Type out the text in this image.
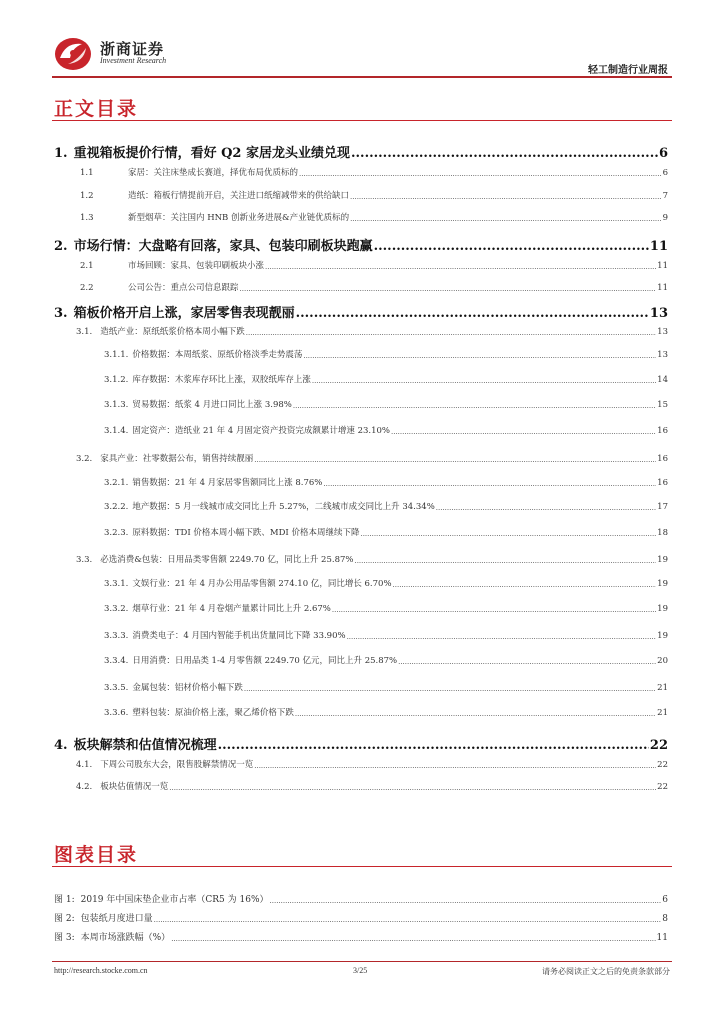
浙商证券
Investment Research
轻工制造行业周报
正文目录
1. 重视箱板提价行情，看好 Q2 家居龙头业绩兑现 .....	6
1.1	家居：关注床垫成长赛道，择优布局优质标的 .....	6
1.2	造纸：箱板行情提前开启，关注进口纸缩减带来的供给缺口 .....	7
1.3	新型烟草：关注国内 HNB 创新业务进展&产业链优质标的 .....	9
2. 市场行情：大盘略有回落，家具、包装印刷板块跑赢 .....	11
2.1	市场回顾：家具、包装印刷板块小涨 .....	11
2.2	公司公告：重点公司信息跟踪 .....	11
3. 箱板价格开启上涨，家居零售表现靓丽 .....	13
3.1. 造纸产业：原纸纸浆价格本周小幅下跌 .....	13
3.1.1. 价格数据：本周纸浆、原纸价格淡季走势震荡 .....	13
3.1.2. 库存数据：木浆库存环比上涨，双胶纸库存上涨 .....	14
3.1.3. 贸易数据：纸浆 4 月进口同比上涨 3.98% .....	15
3.1.4. 固定资产：造纸业 21 年 4 月固定资产投资完成额累计增速 23.10% .....	16
3.2. 家具产业：社零数据公布，销售持续靓丽 .....	16
3.2.1. 销售数据：21 年 4 月家居零售额同比上涨 8.76% .....	16
3.2.2. 地产数据：5 月一线城市成交同比上升 5.27%，二线城市成交同比上升 34.34% .....	17
3.2.3. 原料数据：TDI 价格本周小幅下跌、MDI 价格本周继续下降 .....	18
3.3. 必选消费&包装：日用品类零售额 2249.70 亿，同比上升 25.87% .....	19
3.3.1. 文娱行业：21 年 4 月办公用品零售额 274.10 亿，同比增长 6.70% .....	19
3.3.2. 烟草行业：21 年 4 月卷烟产量累计同比上升 2.67% .....	19
3.3.3. 消费类电子：4 月国内智能手机出货量同比下降 33.90% .....	19
3.3.4. 日用消费：日用品类 1-4 月零售额 2249.70 亿元，同比上升 25.87% .....	20
3.3.5. 金属包装：铝材价格小幅下跌 .....	21
3.3.6. 塑料包装：原油价格上涨，聚乙烯价格下跌 .....	21
4. 板块解禁和估值情况梳理 .....	22
4.1. 下周公司股东大会，限售股解禁情况一览 .....	22
4.2. 板块估值情况一览 .....	22
图表目录
图 1: 2019 年中国床垫企业市占率（CR5 为 16%） .....	6
图 2: 包装纸月度进口量 .....	8
图 3: 本周市场涨跌幅（%） .....	11
http://research.stocke.com.cn	3/25	请务必阅读正文之后的免责条款部分
